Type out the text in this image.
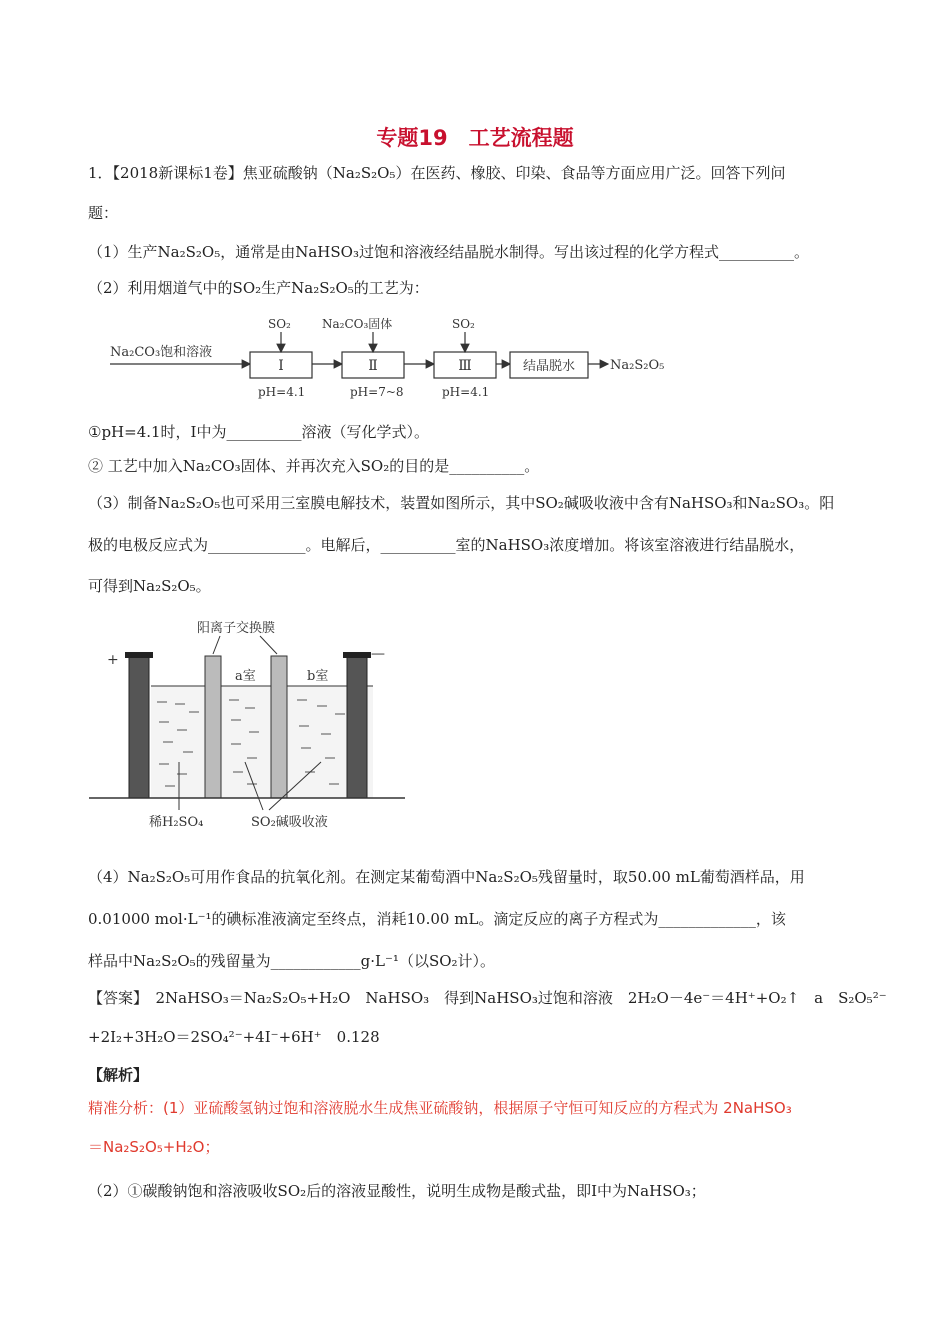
专题19　工艺流程题
1．【2018新课标1卷】焦亚硫酸钠（Na₂S₂O₅）在医药、橡胶、印染、食品等方面应用广泛。回答下列问
题：
（1）生产Na₂S₂O₅，通常是由NaHSO₃过饱和溶液经结晶脱水制得。写出该过程的化学方程式__________。
（2）利用烟道气中的SO₂生产Na₂S₂O₅的工艺为：
Na₂CO₃饱和溶液
Ⅰ	Ⅱ	Ⅲ	结晶脱水	Na₂S₂O₅
SO₂	Na₂CO₃固体	SO₂
pH=4.1	pH=7~8	pH=4.1
①pH=4.1时，Ⅰ中为__________溶液（写化学式）。
② 工艺中加入Na₂CO₃固体、并再次充入SO₂的目的是__________。
（3）制备Na₂S₂O₅也可采用三室膜电解技术，装置如图所示，其中SO₂碱吸收液中含有NaHSO₃和Na₂SO₃。阳
极的电极反应式为_____________。电解后，__________室的NaHSO₃浓度增加。将该室溶液进行结晶脱水，
可得到Na₂S₂O₅。
阳离子交换膜
+	—
a室	b室
稀H₂SO₄	SO₂碱吸收液
（4）Na₂S₂O₅可用作食品的抗氧化剂。在测定某葡萄酒中Na₂S₂O₅残留量时，取50.00 mL葡萄酒样品，用
0.01000 mol·L⁻¹的碘标准液滴定至终点，消耗10.00 mL。滴定反应的离子方程式为_____________，该
样品中Na₂S₂O₅的残留量为____________g·L⁻¹（以SO₂计）。
【答案】　2NaHSO₃＝Na₂S₂O₅+H₂O　NaHSO₃　得到NaHSO₃过饱和溶液　2H₂O－4e⁻＝4H⁺+O₂↑　a　S₂O₅²⁻
+2I₂+3H₂O＝2SO₄²⁻+4I⁻+6H⁺　0.128
【解析】
精准分析：(1）亚硫酸氢钠过饱和溶液脱水生成焦亚硫酸钠，根据原子守恒可知反应的方程式为 2NaHSO₃
＝Na₂S₂O₅+H₂O；
（2）①碳酸钠饱和溶液吸收SO₂后的溶液显酸性，说明生成物是酸式盐，即Ⅰ中为NaHSO₃；
